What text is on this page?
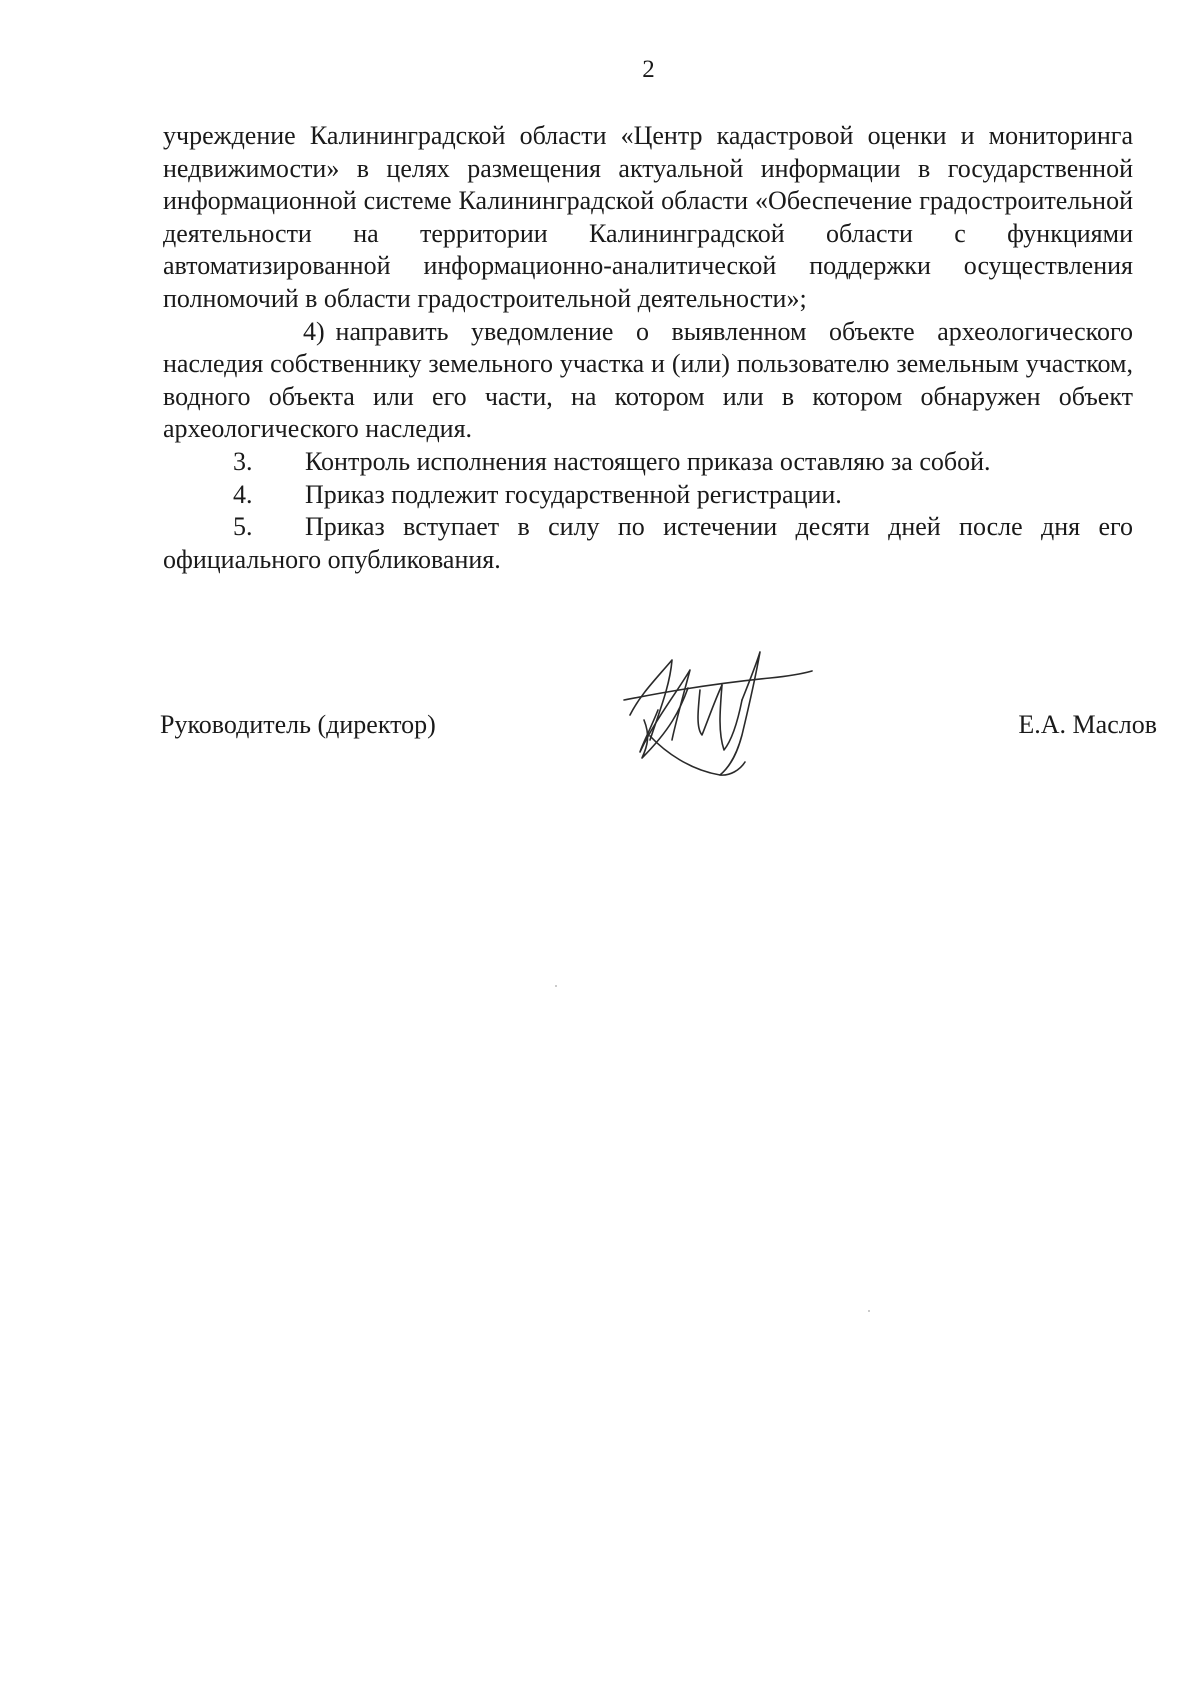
2

учреждение Калининградской области «Центр кадастровой оценки и мониторинга недвижимости» в целях размещения актуальной информации в государственной информационной системе Калининградской области «Обеспечение градостроительной деятельности на территории Калининградской области с функциями автоматизированной информационно-аналитической поддержки осуществления полномочий в области градостроительной деятельности»;

4) направить уведомление о выявленном объекте археологического наследия собственнику земельного участка и (или) пользователю земельным участком, водного объекта или его части, на котором или в котором обнаружен объект археологического наследия.

3. Контроль исполнения настоящего приказа оставляю за собой.

4. Приказ подлежит государственной регистрации.

5. Приказ вступает в силу по истечении десяти дней после дня его официального опубликования.

Руководитель (директор)	Е.А. Маслов
